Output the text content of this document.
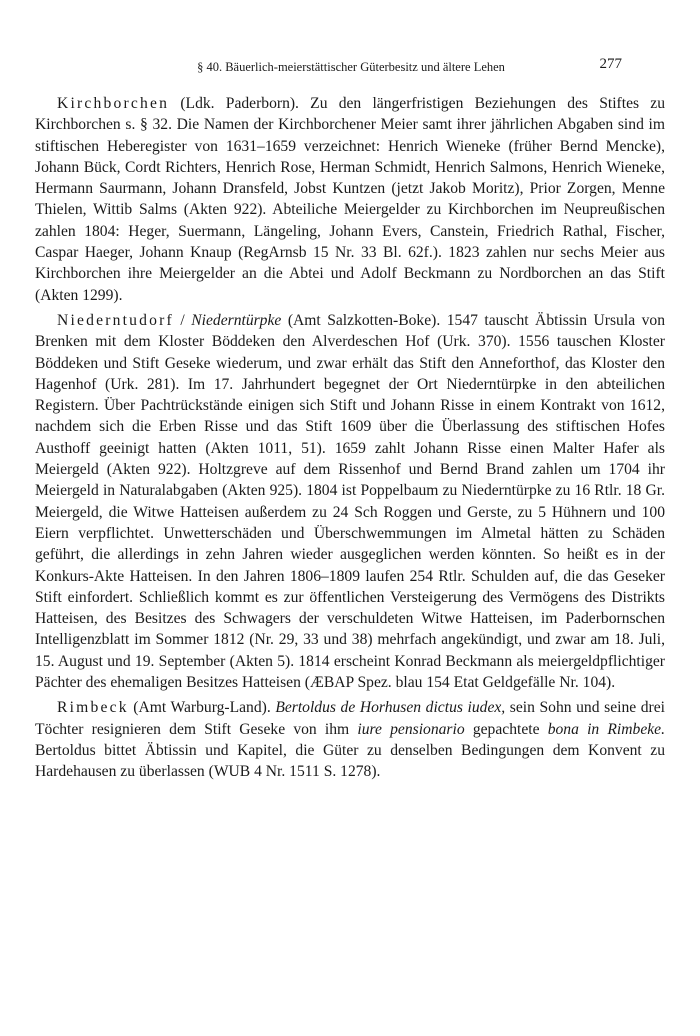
§ 40. Bäuerlich-meierstättischer Güterbesitz und ältere Lehen	277

Kirchborchen (Ldk. Paderborn). Zu den längerfristigen Beziehungen des Stiftes zu Kirchborchen s. § 32. Die Namen der Kirchborchener Meier samt ihrer jährlichen Abgaben sind im stiftischen Heberegister von 1631–1659 verzeichnet: Henrich Wieneke (früher Bernd Mencke), Johann Bück, Cordt Richters, Henrich Rose, Herman Schmidt, Henrich Salmons, Henrich Wieneke, Hermann Saurmann, Johann Dransfeld, Jobst Kuntzen (jetzt Jakob Moritz), Prior Zorgen, Menne Thielen, Wittib Salms (Akten 922). Abteiliche Meiergelder zu Kirchborchen im Neupreußischen zahlen 1804: Heger, Suermann, Längeling, Johann Evers, Canstein, Friedrich Rathal, Fischer, Caspar Haeger, Johann Knaup (RegArnsb 15 Nr. 33 Bl. 62f.). 1823 zahlen nur sechs Meier aus Kirchborchen ihre Meiergelder an die Abtei und Adolf Beckmann zu Nordborchen an das Stift (Akten 1299).

Niederntudorf / Niederntürpke (Amt Salzkotten-Boke). 1547 tauscht Äbtissin Ursula von Brenken mit dem Kloster Böddeken den Alverdeschen Hof (Urk. 370). 1556 tauschen Kloster Böddeken und Stift Geseke wiederum, und zwar erhält das Stift den Anneforthof, das Kloster den Hagenhof (Urk. 281). Im 17. Jahrhundert begegnet der Ort Niederntürpke in den abteilichen Registern. Über Pachtrückstände einigen sich Stift und Johann Risse in einem Kontrakt von 1612, nachdem sich die Erben Risse und das Stift 1609 über die Überlassung des stiftischen Hofes Austhoff geeinigt hatten (Akten 1011, 51). 1659 zahlt Johann Risse einen Malter Hafer als Meiergeld (Akten 922). Holtzgreve auf dem Rissenhof und Bernd Brand zahlen um 1704 ihr Meiergeld in Naturalabgaben (Akten 925). 1804 ist Poppelbaum zu Niederntürpke zu 16 Rtlr. 18 Gr. Meiergeld, die Witwe Hatteisen außerdem zu 24 Sch Roggen und Gerste, zu 5 Hühnern und 100 Eiern verpflichtet. Unwetterschäden und Überschwemmungen im Almetal hätten zu Schäden geführt, die allerdings in zehn Jahren wieder ausgeglichen werden könnten. So heißt es in der Konkurs-Akte Hatteisen. In den Jahren 1806–1809 laufen 254 Rtlr. Schulden auf, die das Geseker Stift einfordert. Schließlich kommt es zur öffentlichen Versteigerung des Vermögens des Distrikts Hatteisen, des Besitzes des Schwagers der verschuldeten Witwe Hatteisen, im Paderbornschen Intelligenzblatt im Sommer 1812 (Nr. 29, 33 und 38) mehrfach angekündigt, und zwar am 18. Juli, 15. August und 19. September (Akten 5). 1814 erscheint Konrad Beckmann als meiergeldpflichtiger Pächter des ehemaligen Besitzes Hatteisen (ÆBAP Spez. blau 154 Etat Geldgefälle Nr. 104).

Rimbeck (Amt Warburg-Land). Bertoldus de Horhusen dictus iudex, sein Sohn und seine drei Töchter resignieren dem Stift Geseke von ihm iure pensionario gepachtete bona in Rimbeke. Bertoldus bittet Äbtissin und Kapitel, die Güter zu denselben Bedingungen dem Konvent zu Hardehausen zu überlassen (WUB 4 Nr. 1511 S. 1278).
